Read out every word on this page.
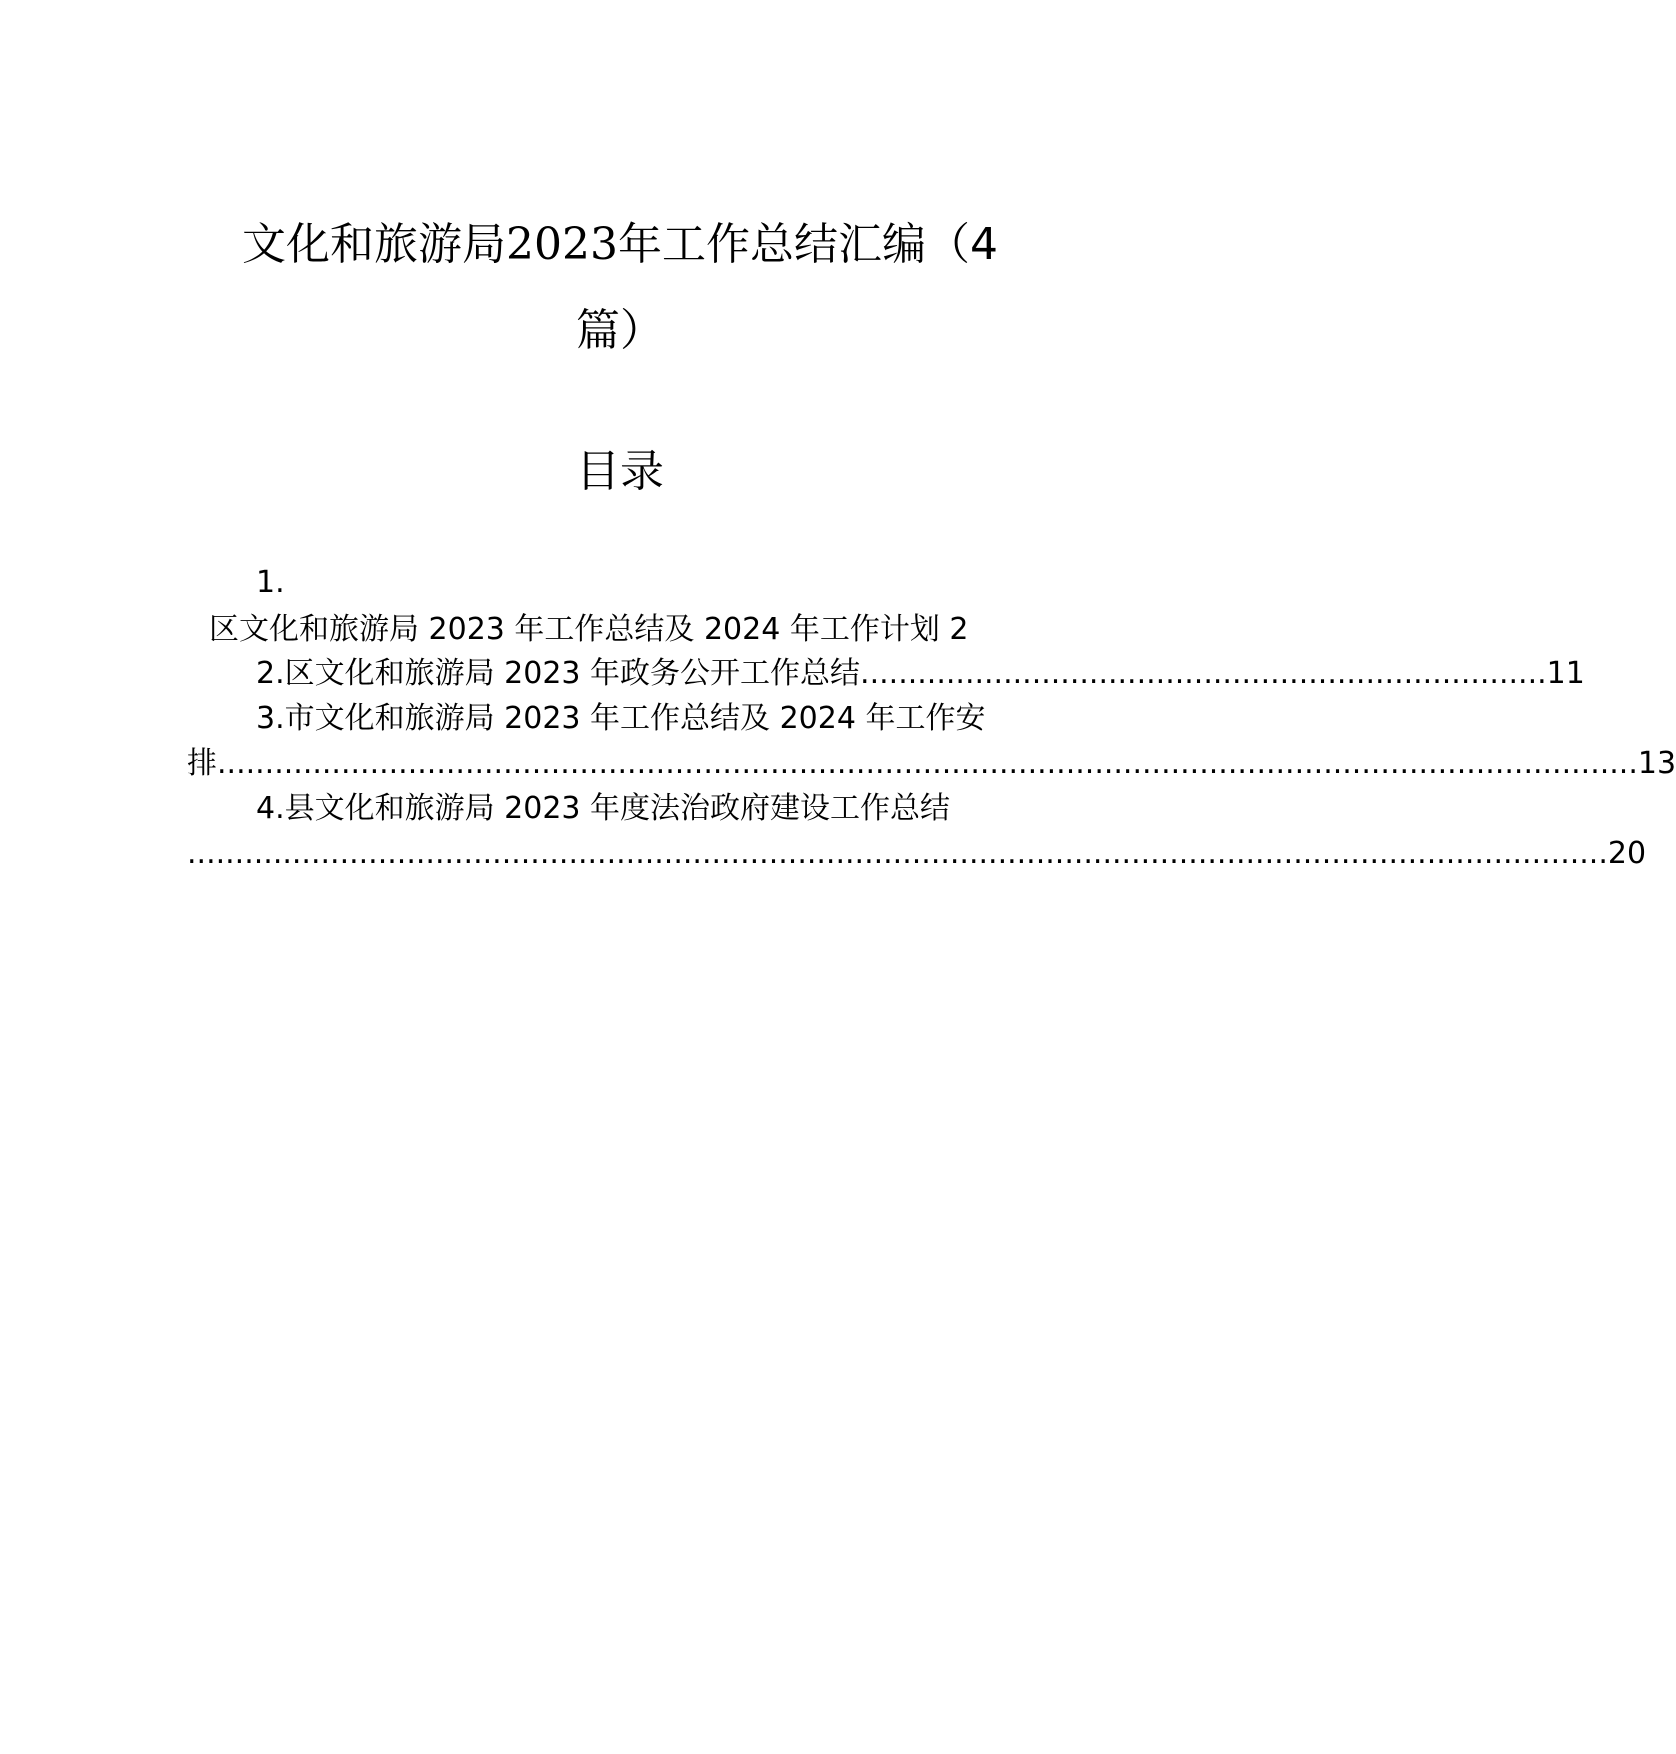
文化和旅游局2023年工作总结汇编（4
篇）
目录
1.
区文化和旅游局 2023 年工作总结及 2024 年工作计划 2
2.区文化和旅游局 2023 年政务公开工作总结 ........................................................................ 11
3.市文化和旅游局 2023 年工作总结及 2024 年工作安
排 ..................................................................................................................................................... 13
4.县文化和旅游局 2023 年度法治政府建设工作总结
..................................................................................................................................................... 20
